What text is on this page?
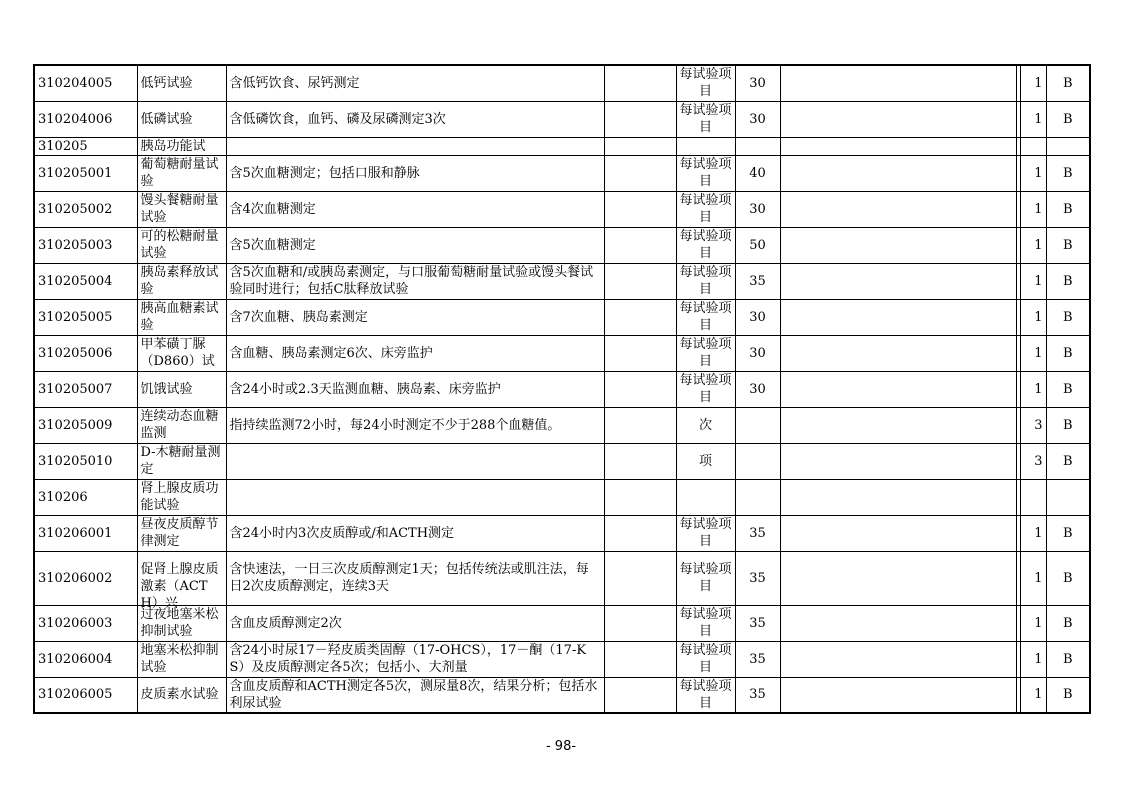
310204005	低钙试验	含低钙饮食、尿钙测定		每试验项目	30			1	B

310204006	低磷试验	含低磷饮食，血钙、磷及尿磷测定3次		每试验项目	30			1	B

310205	胰岛功能试								

310205001	葡萄糖耐量试验	含5次血糖测定；包括口服和静脉		每试验项目	40			1	B

310205002	馒头餐糖耐量试验	含4次血糖测定		每试验项目	30			1	B

310205003	可的松糖耐量试验	含5次血糖测定		每试验项目	50			1	B

310205004	胰岛素释放试验	含5次血糖和/或胰岛素测定，与口服葡萄糖耐量试验或馒头餐试验同时进行；包括C肽释放试验		每试验项目	35			1	B

310205005	胰高血糖素试验	含7次血糖、胰岛素测定		每试验项目	30			1	B

310205006	甲苯磺丁脲（D860）试	含血糖、胰岛素测定6次、床旁监护		每试验项目	30			1	B

310205007	饥饿试验	含24小时或2.3天监测血糖、胰岛素、床旁监护		每试验项目	30			1	B

310205009	连续动态血糖监测	指持续监测72小时，每24小时测定不少于288个血糖值。		次				3	B

310205010	D-木糖耐量测定			项				3	B

310206	肾上腺皮质功能试验								

310206001	昼夜皮质醇节律测定	含24小时内3次皮质醇或/和ACTH测定		每试验项目	35			1	B

310206002	促肾上腺皮质激素（ACTH）兴	含快速法，一日三次皮质醇测定1天；包括传统法或肌注法，每日2次皮质醇测定，连续3天		每试验项目	35			1	B

310206003	过夜地塞米松抑制试验	含血皮质醇测定2次		每试验项目	35			1	B

310206004	地塞米松抑制试验	含24小时尿17－羟皮质类固醇（17-OHCS），17－酮（17-KS）及皮质醇测定各5次；包括小、大剂量		每试验项目	35			1	B

310206005	皮质素水试验	含血皮质醇和ACTH测定各5次，测尿量8次，结果分析；包括水利尿试验		每试验项目	35			1	B
- 98-
